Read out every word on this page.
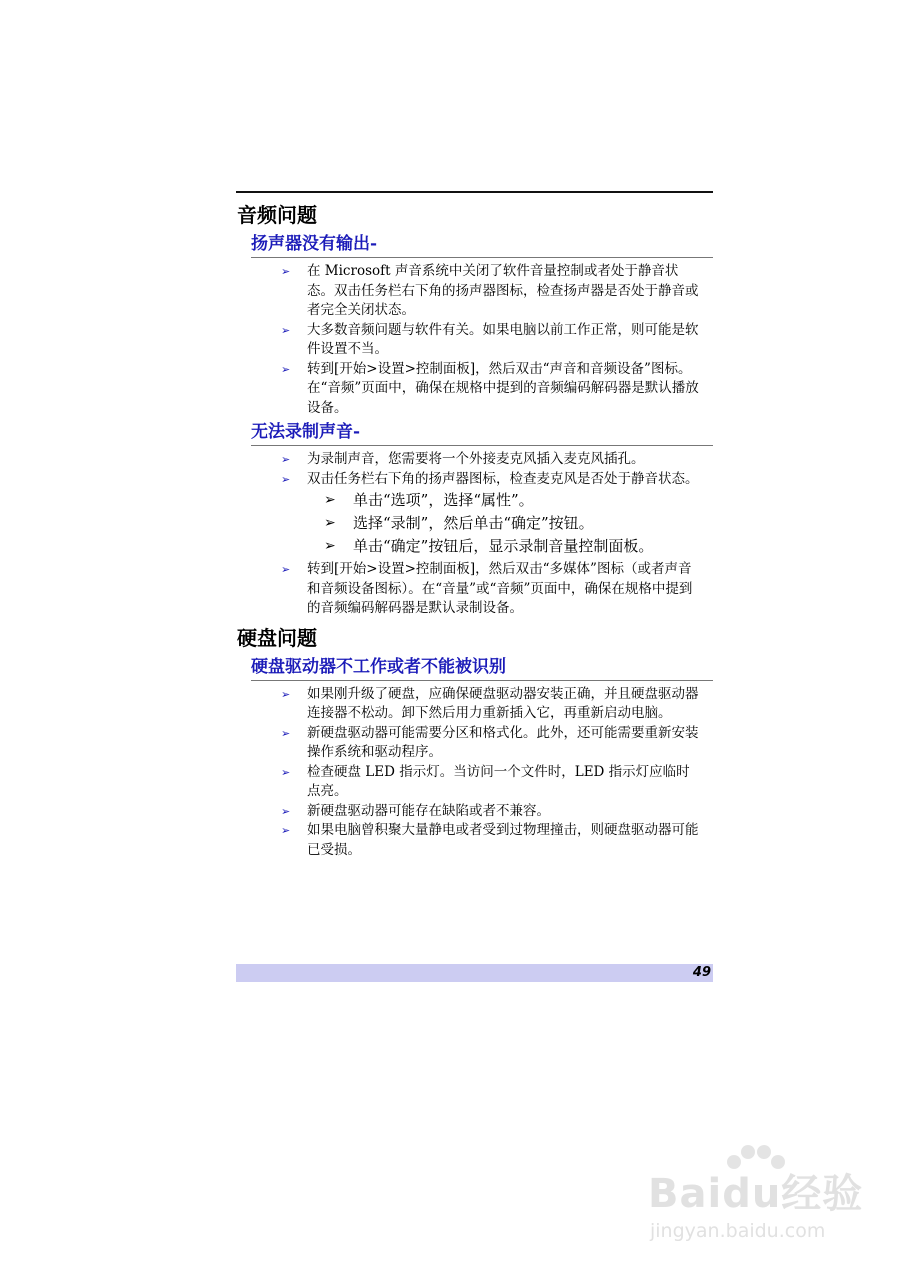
音频问题
扬声器没有输出-
➢ 在 Microsoft 声音系统中关闭了软件音量控制或者处于静音状态。双击任务栏右下角的扬声器图标，检查扬声器是否处于静音或者完全关闭状态。
➢ 大多数音频问题与软件有关。如果电脑以前工作正常，则可能是软件设置不当。
➢ 转到[开始>设置>控制面板]，然后双击“声音和音频设备”图标。在“音频”页面中，确保在规格中提到的音频编码解码器是默认播放设备。
无法录制声音-
➢ 为录制声音，您需要将一个外接麦克风插入麦克风插孔。
➢ 双击任务栏右下角的扬声器图标，检查麦克风是否处于静音状态。
➢ 单击“选项”，选择“属性”。
➢ 选择“录制”，然后单击“确定”按钮。
➢ 单击“确定”按钮后，显示录制音量控制面板。
➢ 转到[开始>设置>控制面板]，然后双击“多媒体”图标（或者声音和音频设备图标）。在“音量”或“音频”页面中，确保在规格中提到的音频编码解码器是默认录制设备。
硬盘问题
硬盘驱动器不工作或者不能被识别
➢ 如果刚升级了硬盘，应确保硬盘驱动器安装正确，并且硬盘驱动器连接器不松动。卸下然后用力重新插入它，再重新启动电脑。
➢ 新硬盘驱动器可能需要分区和格式化。此外，还可能需要重新安装操作系统和驱动程序。
➢ 检查硬盘 LED 指示灯。当访问一个文件时，LED 指示灯应临时点亮。
➢ 新硬盘驱动器可能存在缺陷或者不兼容。
➢ 如果电脑曾积聚大量静电或者受到过物理撞击，则硬盘驱动器可能已受损。
49
Baidu经验
jingyan.baidu.com
